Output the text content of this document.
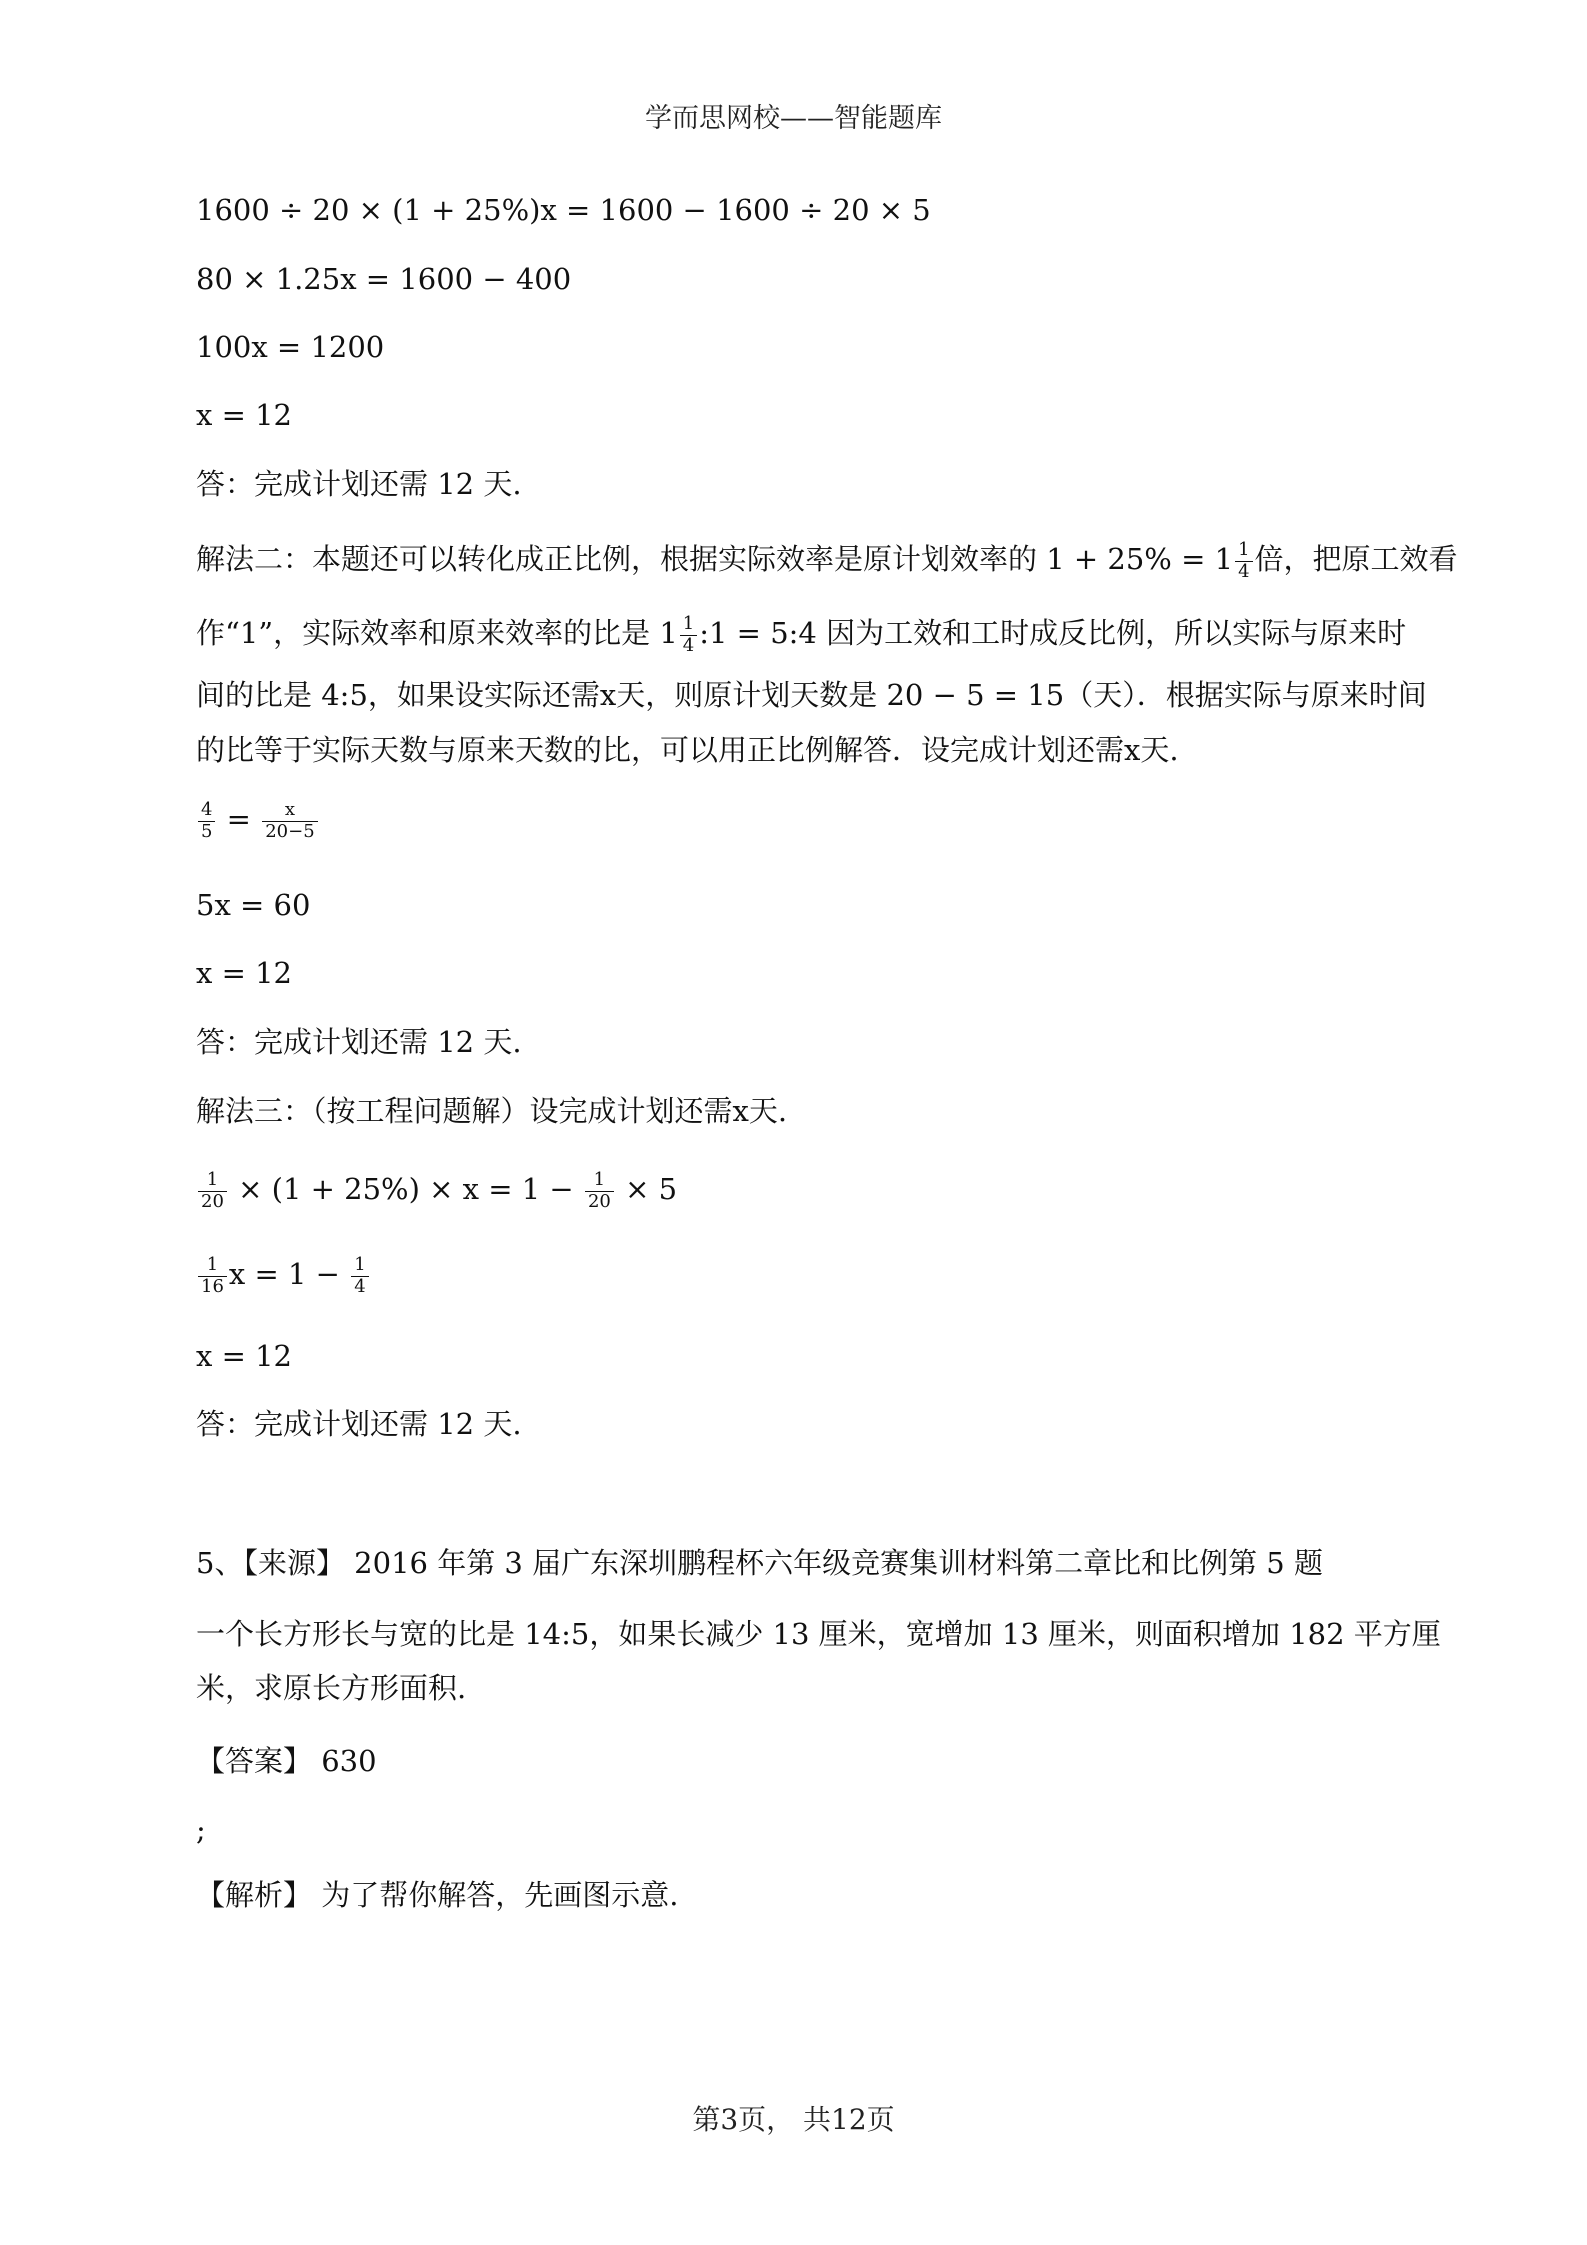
学而思网校——智能题库
1600 ÷ 20 × (1 + 25%)x = 1600 − 1600 ÷ 20 × 5
80 × 1.25x = 1600 − 400
100x = 1200
x = 12
答：完成计划还需 12 天.
解法二：本题还可以转化成正比例，根据实际效率是原计划效率的 $1 + 25\% = 1 \frac{1}{4}$ 倍，把原工效看
作“1”，实际效率和原来效率的比是 $1 \frac{1}{4}$ :1 = 5:4 因为工效和工时成反比例，所以实际与原来时
间的比是 4:5，如果设实际还需x天，则原计划天数是 20 − 5 = 15（天）．根据实际与原来时间
的比等于实际天数与原来天数的比，可以用正比例解答．设完成计划还需x天.
$\frac{4}{5} = \frac{x}{20-5}$
5x = 60
x = 12
答：完成计划还需 12 天.
解法三：（按工程问题解）设完成计划还需x天.
$\frac{1}{20} \times (1 + 25\%) \times x = 1 - \frac{1}{20} \times 5$
$\frac{1}{16}$ $x = 1 - \frac{1}{4}$
x = 12
答：完成计划还需 12 天.
5、【来源】 2016 年第 3 届广东深圳鹏程杯六年级竞赛集训材料第二章比和比例第 5 题
一个长方形长与宽的比是 14:5，如果长减少 13 厘米，宽增加 13 厘米，则面积增加 182 平方厘
米，求原长方形面积.
【答案】 630
;
【解析】 为了帮你解答，先画图示意.
第3页， 共12页
